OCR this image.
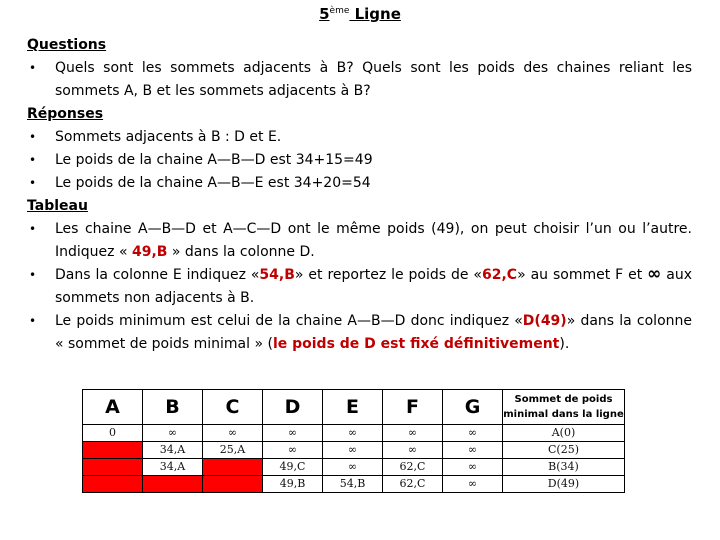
5ème Ligne
Questions
• Quels sont les sommets adjacents à B? Quels sont les poids des chaines reliant les sommets A, B et les sommets adjacents à B?
Réponses
• Sommets adjacents à B : D et E.
• Le poids de la chaine A—B—D est 34+15=49
• Le poids de la chaine A—B—E est 34+20=54
Tableau
• Les chaine A—B—D et A—C—D ont le même poids (49), on peut choisir l’un ou l’autre. Indiquez « 49,B » dans la colonne D.
• Dans la colonne E indiquez «54,B» et reportez le poids de «62,C» au sommet F et ∞ aux sommets non adjacents à B.
• Le poids minimum est celui de la chaine A—B—D donc indiquez «D(49)» dans la colonne « sommet de poids minimal » (le poids de D est fixé définitivement).
A	B	C	D	E	F	G	Sommet de poids minimal dans la ligne
0	∞	∞	∞	∞	∞	∞	A(0)
	34,A	25,A	∞	∞	∞	∞	C(25)
	34,A		49,C	∞	62,C	∞	B(34)
			49,B	54,B	62,C	∞	D(49)
